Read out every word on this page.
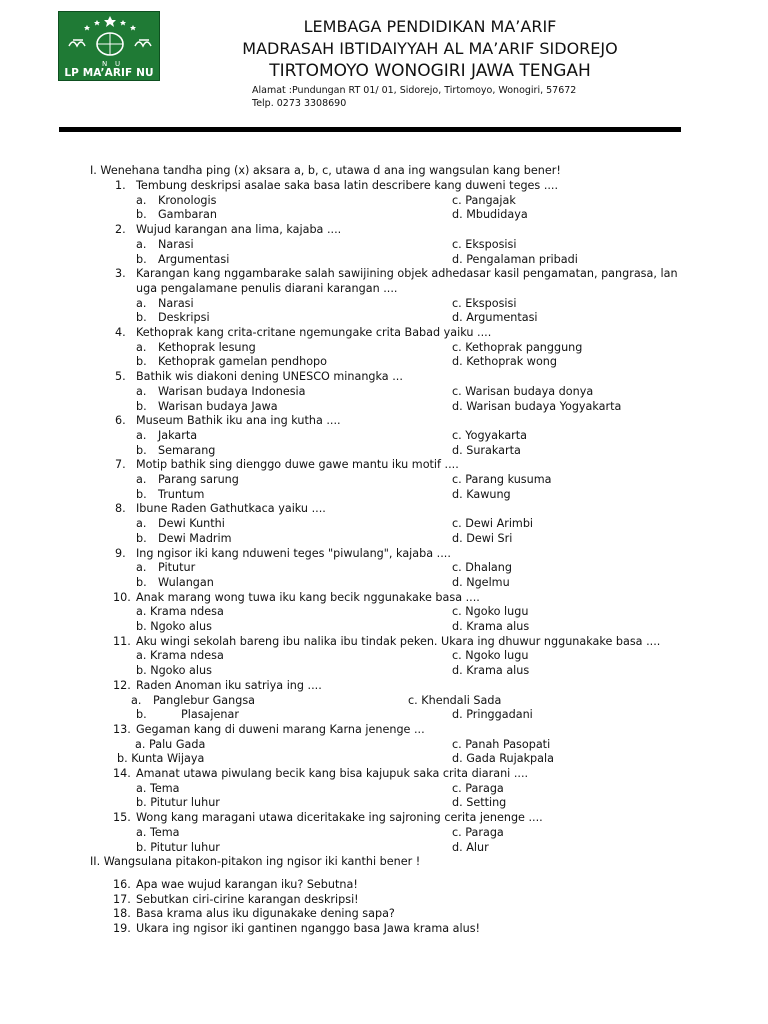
N U
LP MA’ARIF NU
LEMBAGA PENDIDIKAN MA’ARIF
MADRASAH IBTIDAIYYAH AL MA’ARIF SIDOREJO
TIRTOMOYO WONOGIRI JAWA TENGAH
Alamat :Pundungan RT 01/ 01, Sidorejo, Tirtomoyo, Wonogiri, 57672
Telp. 0273 3308690
I. Wenehana tandha ping (x) aksara a, b, c, utawa d ana ing wangsulan kang bener!
1. Tembung deskripsi asalae saka basa latin describere kang duweni teges ....
a. Kronologis	c. Pangajak
b. Gambaran	d. Mbudidaya
2. Wujud karangan ana lima, kajaba ....
a. Narasi	c. Eksposisi
b. Argumentasi	d. Pengalaman pribadi
3. Karangan kang nggambarake salah sawijining objek adhedasar kasil pengamatan, pangrasa, lan
uga pengalamane penulis diarani karangan ....
a. Narasi	c. Eksposisi
b. Deskripsi	d. Argumentasi
4. Kethoprak kang crita-critane ngemungake crita Babad yaiku ....
a. Kethoprak lesung	c. Kethoprak panggung
b. Kethoprak gamelan pendhopo	d. Kethoprak wong
5. Bathik wis diakoni dening UNESCO minangka ...
a. Warisan budaya Indonesia	c. Warisan budaya donya
b. Warisan budaya Jawa	d. Warisan budaya Yogyakarta
6. Museum Bathik iku ana ing kutha ....
a. Jakarta	c. Yogyakarta
b. Semarang	d. Surakarta
7. Motip bathik sing dienggo duwe gawe mantu iku motif ....
a. Parang sarung	c. Parang kusuma
b. Truntum	d. Kawung
8. Ibune Raden Gathutkaca yaiku ....
a. Dewi Kunthi	c. Dewi Arimbi
b. Dewi Madrim	d. Dewi Sri
9. Ing ngisor iki kang nduweni teges "piwulang", kajaba ....
a. Pitutur	c. Dhalang
b. Wulangan	d. Ngelmu
10. Anak marang wong tuwa iku kang becik nggunakake basa ....
a. Krama ndesa	c. Ngoko lugu
b. Ngoko alus	d. Krama alus
11. Aku wingi sekolah bareng ibu nalika ibu tindak peken. Ukara ing dhuwur nggunakake basa ....
a. Krama ndesa	c. Ngoko lugu
b. Ngoko alus	d. Krama alus
12. Raden Anoman iku satriya ing ....
a. Panglebur Gangsa	c. Khendali Sada
b.	Plasajenar	d. Pringgadani
13. Gegaman kang di duweni marang Karna jenenge ...
a. Palu Gada	c. Panah Pasopati
b. Kunta Wijaya	d. Gada Rujakpala
14. Amanat utawa piwulang becik kang bisa kajupuk saka crita diarani ....
a. Tema	c. Paraga
b. Pitutur luhur	d. Setting
15. Wong kang maragani utawa diceritakake ing sajroning cerita jenenge ....
a. Tema	c. Paraga
b. Pitutur luhur	d. Alur
II. Wangsulana pitakon-pitakon ing ngisor iki kanthi bener !
16. Apa wae wujud karangan iku? Sebutna!
17. Sebutkan ciri-cirine karangan deskripsi!
18. Basa krama alus iku digunakake dening sapa?
19. Ukara ing ngisor iki gantinen nganggo basa Jawa krama alus!
